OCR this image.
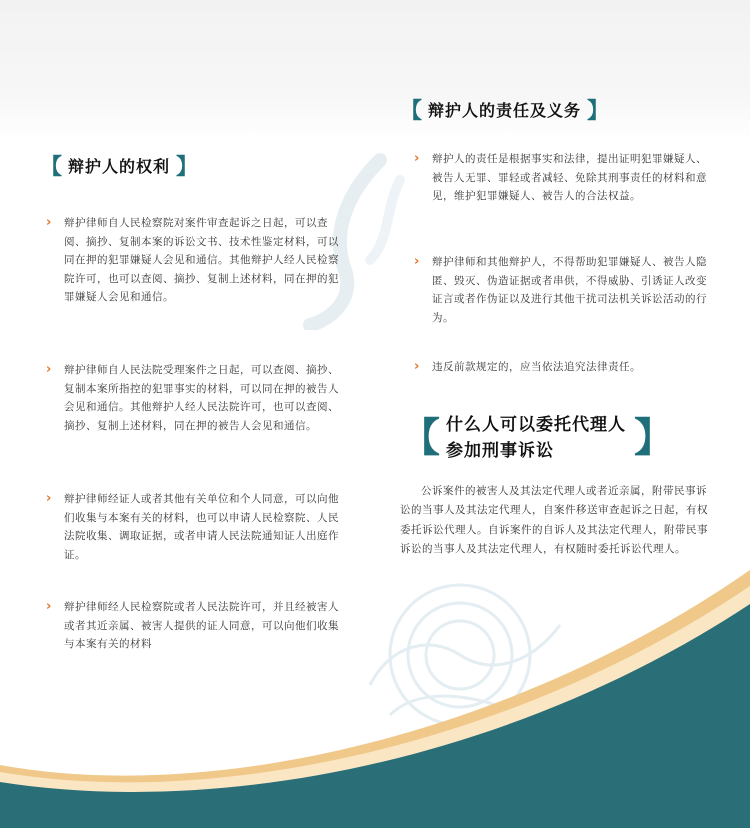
【 辩护人的权利 】
【 辩护人的责任及义务 】
› 辩护律师自人民检察院对案件审查起诉之日起，可以查阅、摘抄、复制本案的诉讼文书、技术性鉴定材料，可以同在押的犯罪嫌疑人会见和通信。其他辩护人经人民检察院许可，也可以查阅、摘抄、复制上述材料，同在押的犯罪嫌疑人会见和通信。
› 辩护律师自人民法院受理案件之日起，可以查阅、摘抄、复制本案所指控的犯罪事实的材料，可以同在押的被告人会见和通信。其他辩护人经人民法院许可，也可以查阅、摘抄、复制上述材料，同在押的被告人会见和通信。
› 辩护律师经证人或者其他有关单位和个人同意，可以向他们收集与本案有关的材料，也可以申请人民检察院、人民法院收集、调取证据，或者申请人民法院通知证人出庭作证。
› 辩护律师经人民检察院或者人民法院许可，并且经被害人或者其近亲属、被害人提供的证人同意，可以向他们收集与本案有关的材料
› 辩护人的责任是根据事实和法律，提出证明犯罪嫌疑人、被告人无罪、罪轻或者减轻、免除其刑事责任的材料和意见，维护犯罪嫌疑人、被告人的合法权益。
› 辩护律师和其他辩护人，不得帮助犯罪嫌疑人、被告人隐匿、毁灭、伪造证据或者串供，不得威胁、引诱证人改变证言或者作伪证以及进行其他干扰司法机关诉讼活动的行为。
› 违反前款规定的，应当依法追究法律责任。
【 什么人可以委托代理人
参加刑事诉讼	】
公诉案件的被害人及其法定代理人或者近亲属，附带民事诉讼的当事人及其法定代理人，自案件移送审查起诉之日起，有权委托诉讼代理人。自诉案件的自诉人及其法定代理人，附带民事诉讼的当事人及其法定代理人，有权随时委托诉讼代理人。
